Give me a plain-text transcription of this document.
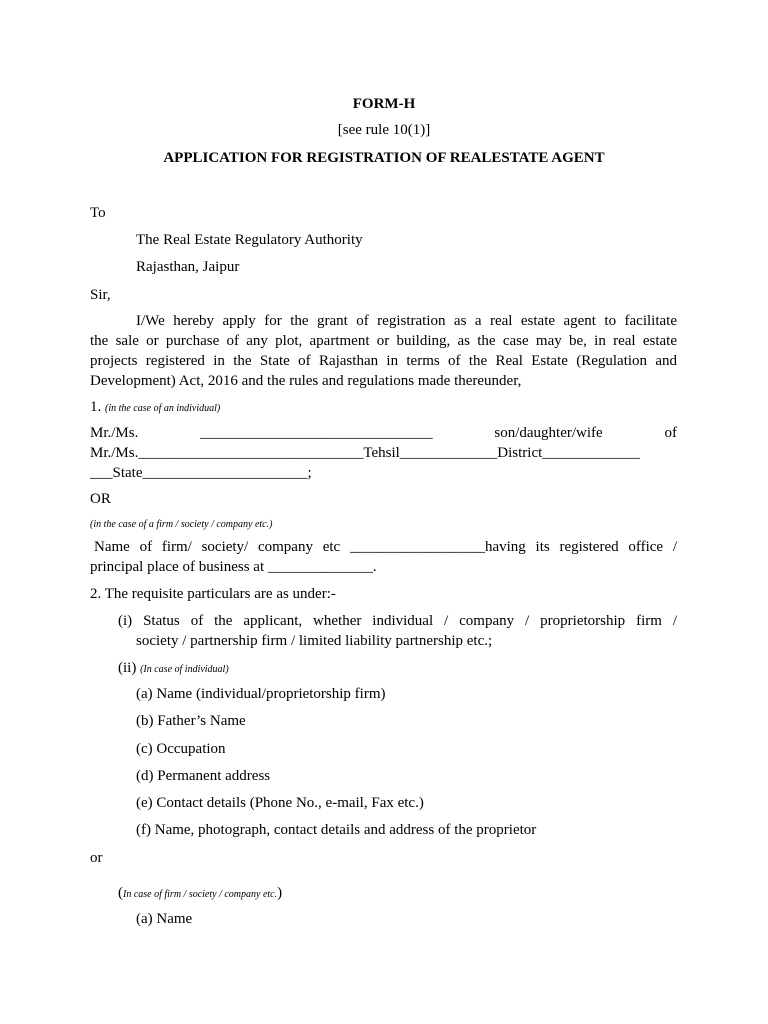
FORM-H
[see rule 10(1)]
APPLICATION FOR REGISTRATION OF REALESTATE AGENT
To
The Real Estate Regulatory Authority
Rajasthan, Jaipur
Sir,
I/We hereby apply for the grant of registration as a real estate agent to facilitate
the sale or purchase of any plot, apartment or building, as the case may be, in real estate
projects registered in the State of Rajasthan in terms of the Real Estate (Regulation and
Development) Act, 2016 and the rules and regulations made thereunder,
1. (in the case of an individual)
Mr./Ms.	_______________________________	son/daughter/wife	of
Mr./Ms.______________________________Tehsil_____________District_____________
___State______________________;
OR
(in the case of a firm / society / company etc.)
Name of firm/ society/ company etc __________________having its registered office /
principal place of business at ______________.
2. The requisite particulars are as under:-
(i) Status of the applicant, whether individual / company / proprietorship firm /
society / partnership firm / limited liability partnership etc.;
(ii) (In case of individual)
(a) Name (individual/proprietorship firm)
(b) Father’s Name
(c) Occupation
(d) Permanent address
(e) Contact details (Phone No., e-mail, Fax etc.)
(f) Name, photograph, contact details and address of the proprietor
or
(In case of firm / society / company etc.)
(a) Name
